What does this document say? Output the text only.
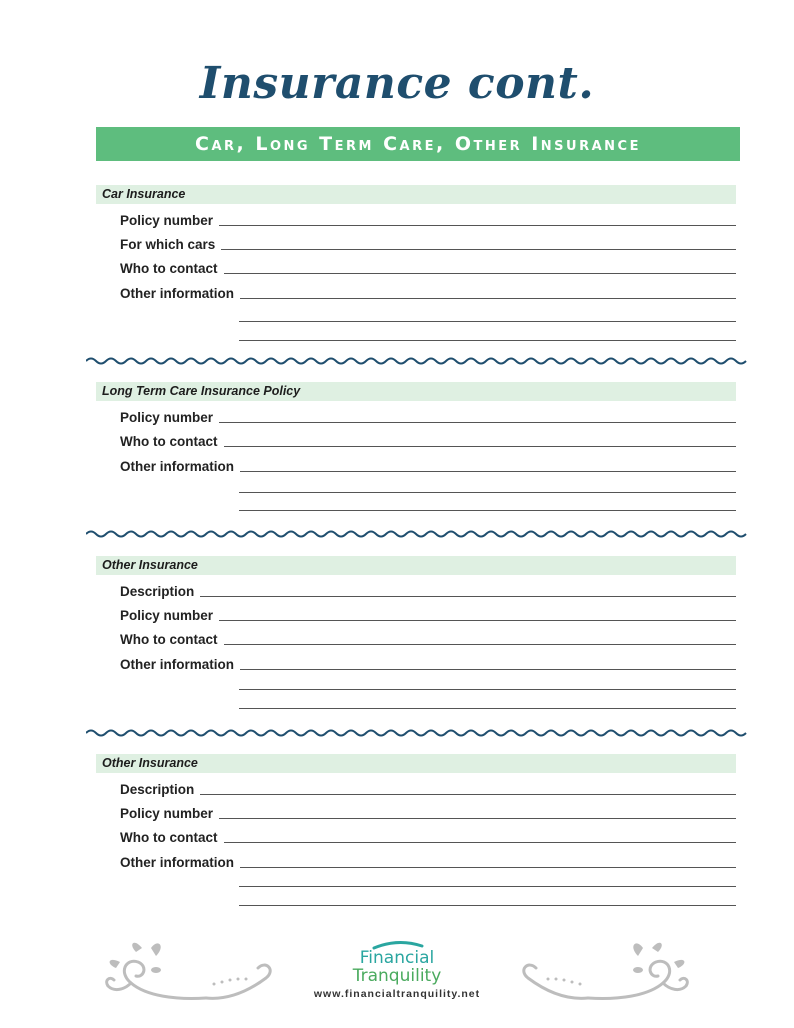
Insurance cont.
Car, Long Term Care, Other Insurance
Car Insurance
Policy number
For which cars
Who to contact
Other information
Long Term Care Insurance Policy
Policy number
Who to contact
Other information
Other Insurance
Description
Policy number
Who to contact
Other information
Other Insurance
Description
Policy number
Who to contact
Other information
Financial
Tranquility
www.financialtranquility.net
